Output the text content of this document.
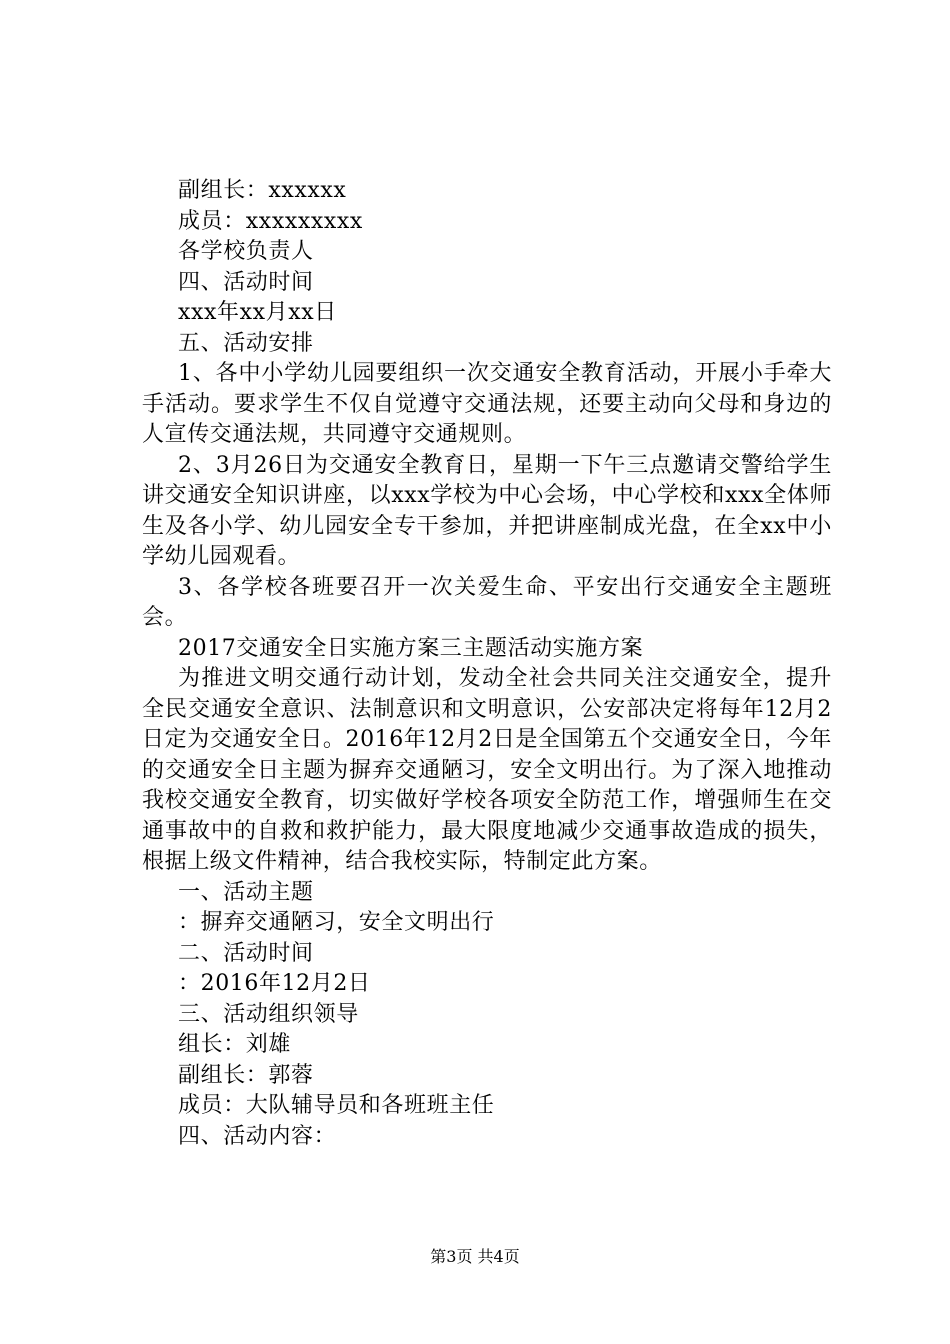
副组长：xxxxxx

成员：xxxxxxxxx

各学校负责人

四、活动时间

xxx年xx月xx日

五、活动安排

1、各中小学幼儿园要组织一次交通安全教育活动，开展小手牵大手活动。要求学生不仅自觉遵守交通法规，还要主动向父母和身边的人宣传交通法规，共同遵守交通规则。

2、3月26日为交通安全教育日，星期一下午三点邀请交警给学生讲交通安全知识讲座，以xxx学校为中心会场，中心学校和xxx全体师生及各小学、幼儿园安全专干参加，并把讲座制成光盘，在全xx中小学幼儿园观看。

3、各学校各班要召开一次关爱生命、平安出行交通安全主题班会。

2017交通安全日实施方案三主题活动实施方案

为推进文明交通行动计划，发动全社会共同关注交通安全，提升全民交通安全意识、法制意识和文明意识，公安部决定将每年12月2日定为交通安全日。2016年12月2日是全国第五个交通安全日，今年的交通安全日主题为摒弃交通陋习，安全文明出行。为了深入地推动我校交通安全教育，切实做好学校各项安全防范工作，增强师生在交通事故中的自救和救护能力，最大限度地减少交通事故造成的损失，根据上级文件精神，结合我校实际，特制定此方案。

一、活动主题

：摒弃交通陋习，安全文明出行

二、活动时间

：2016年12月2日

三、活动组织领导

组长：刘雄

副组长：郭蓉

成员：大队辅导员和各班班主任

四、活动内容：

第3页 共4页
